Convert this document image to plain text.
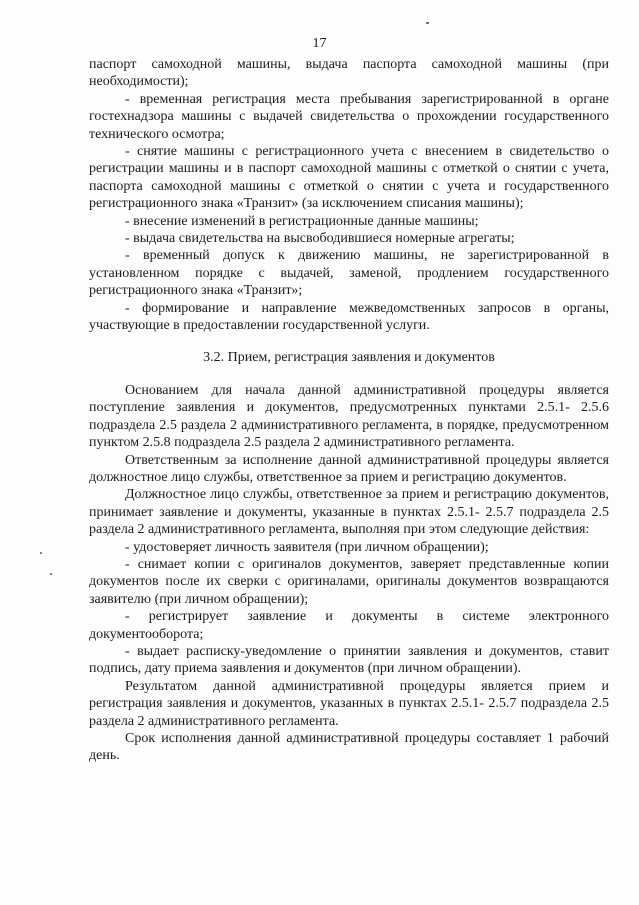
17

паспорт самоходной машины, выдача паспорта самоходной машины (при необходимости);

- временная регистрация места пребывания зарегистрированной в органе гостехнадзора машины с выдачей свидетельства о прохождении государственного технического осмотра;

- снятие машины с регистрационного учета с внесением в свидетельство о регистрации машины и в паспорт самоходной машины с отметкой о снятии с учета, паспорта самоходной машины с отметкой о снятии с учета и государственного регистрационного знака «Транзит» (за исключением списания машины);

- внесение изменений в регистрационные данные машины;

- выдача свидетельства на высвободившиеся номерные агрегаты;

- временный допуск к движению машины, не зарегистрированной в установленном порядке с выдачей, заменой, продлением государственного регистрационного знака «Транзит»;

- формирование и направление межведомственных запросов в органы, участвующие в предоставлении государственной услуги.

3.2. Прием, регистрация заявления и документов

Основанием для начала данной административной процедуры является поступление заявления и документов, предусмотренных пунктами 2.5.1- 2.5.6 подраздела 2.5 раздела 2 административного регламента, в порядке, предусмотренном пунктом 2.5.8 подраздела 2.5 раздела 2 административного регламента.

Ответственным за исполнение данной административной процедуры является должностное лицо службы, ответственное за прием и регистрацию документов.

Должностное лицо службы, ответственное за прием и регистрацию документов, принимает заявление и документы, указанные в пунктах 2.5.1- 2.5.7 подраздела 2.5 раздела 2 административного регламента, выполняя при этом следующие действия:

- удостоверяет личность заявителя (при личном обращении);

- снимает копии с оригиналов документов, заверяет представленные копии документов после их сверки с оригиналами, оригиналы документов возвращаются заявителю (при личном обращении);

- регистрирует заявление и документы в системе электронного документооборота;

- выдает расписку-уведомление о принятии заявления и документов, ставит подпись, дату приема заявления и документов (при личном обращении).

Результатом данной административной процедуры является прием и регистрация заявления и документов, указанных в пунктах 2.5.1- 2.5.7 подраздела 2.5 раздела 2 административного регламента.

Срок исполнения данной административной процедуры составляет 1 рабочий день.
